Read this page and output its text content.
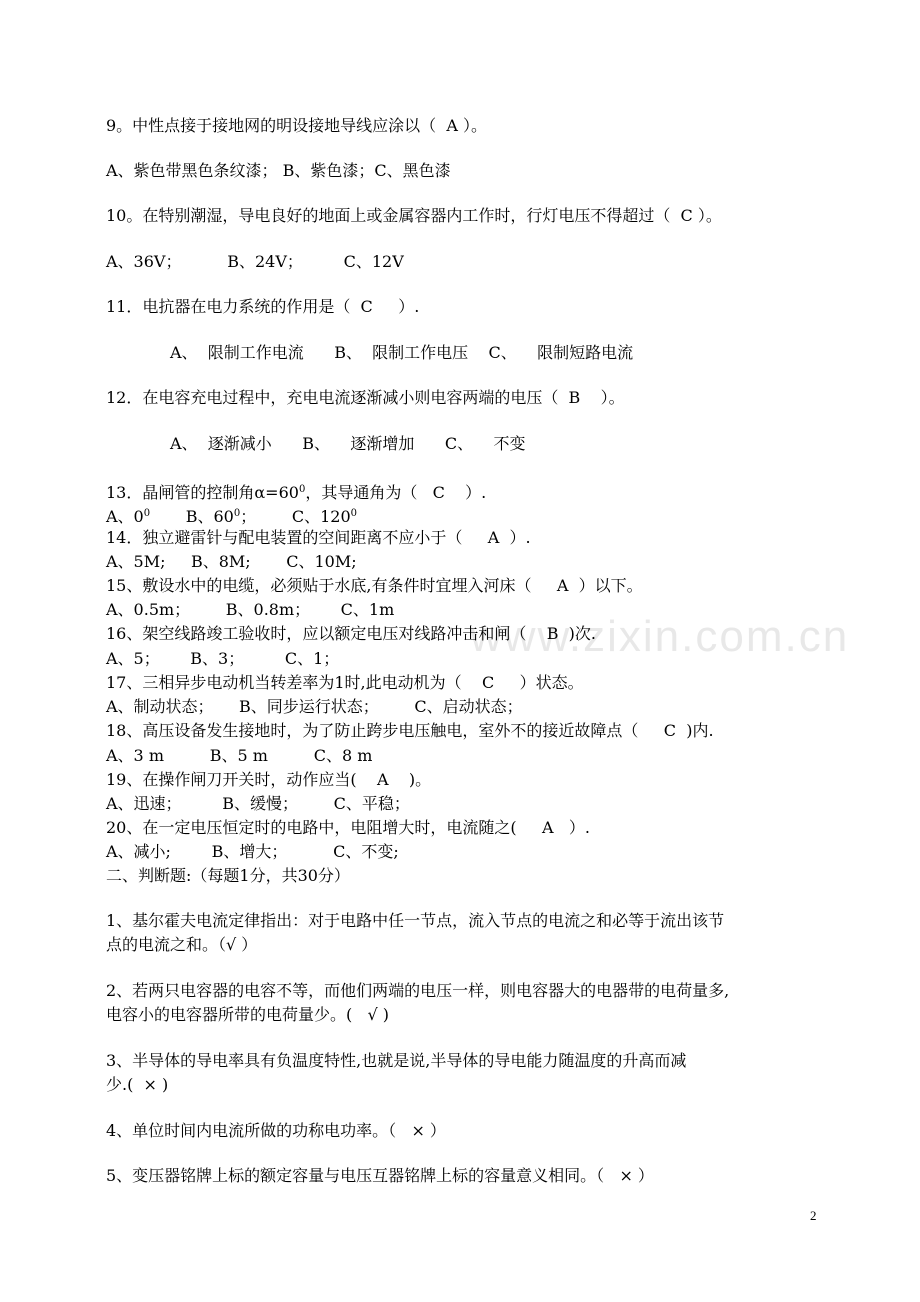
www.zixin.com.cn

9。中性点接于接地网的明设接地导线应涂以（  A ）。

A、紫色带黑色条纹漆； B、紫色漆；C、黑色漆

10。在特别潮湿，导电良好的地面上或金属容器内工作时，行灯电压不得超过（  C ）。

A、36V；         B、24V；        C、12V

11．电抗器在电力系统的作用是（  C     ）.

A、  限制工作电流      B、  限制工作电压    C、    限制短路电流

12．在电容充电过程中，充电电流逐渐减小则电容两端的电压（  B    ）。

A、  逐渐减小      B、    逐渐增加      C、    不变

13．晶闸管的控制角$\alpha=60^0$，其导通角为（   C    ）.

A、$0^0$       B、$60^0$；       C、$120^0$

14．独立避雷针与配电装置的空间距离不应小于（     A  ）.

A、5M;     B、8M;       C、10M;

15、敷设水中的电缆，必须贴于水底,有条件时宜埋入河床（     A  ）以下。

A、0.5m；       B、0.8m；      C、1m

16、架空线路竣工验收时，应以额定电压对线路冲击和闸（    B  )次.

A、5；      B、3；        C、1；

17、三相异步电动机当转差率为1时,此电动机为（    C     ）状态。

A、制动状态；     B、同步运行状态；       C、启动状态；

18、高压设备发生接地时，为了防止跨步电压触电，室外不的接近故障点（     C  )内.

A、3 m         B、5 m         C、8 m

19、在操作闸刀开关时，动作应当(    A    )。

A、迅速；        B、缓慢；       C、平稳；

20、在一定电压恒定时的电路中，电阻增大时，电流随之(     A   ）.

A、减小;        B、增大；         C、不变;

二、判断题:（每题1分，共30分）

1、基尔霍夫电流定律指出：对于电路中任一节点，流入节点的电流之和必等于流出该节

点的电流之和。（√ ）

2、若两只电容器的电容不等，而他们两端的电压一样，则电容器大的电器带的电荷量多,

电容小的电容器所带的电荷量少。(   √ )

3、半导体的导电率具有负温度特性,也就是说,半导体的导电能力随温度的升高而减

少.(  × )

4、单位时间内电流所做的功称电功率。（   × ）

5、变压器铭牌上标的额定容量与电压互器铭牌上标的容量意义相同。（   × ）

2
